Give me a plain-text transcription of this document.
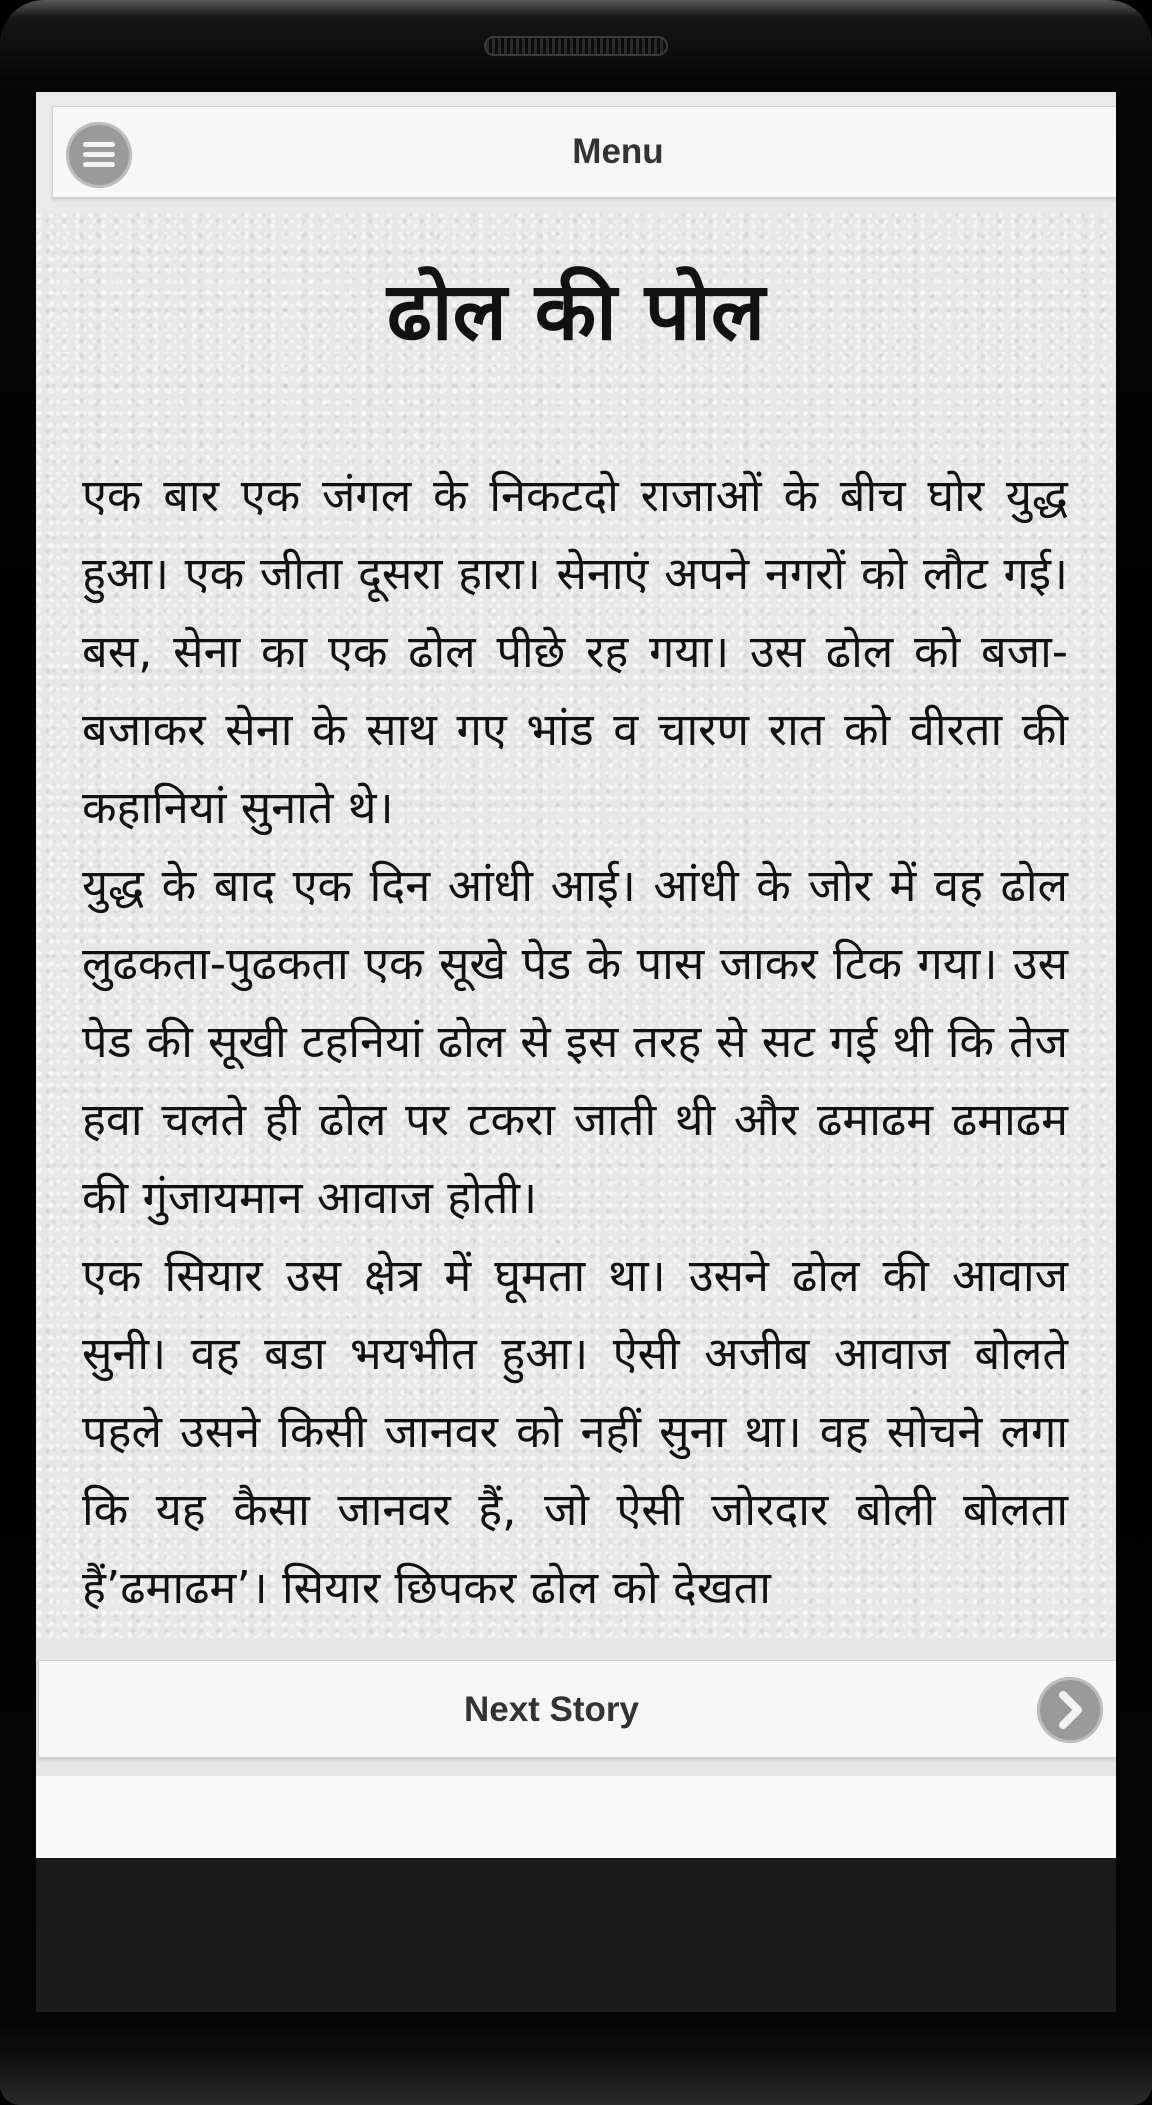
Menu
ढोल की पोल

एक बार एक जंगल के निकटदो राजाओं के बीच घोर युद्ध हुआ। एक जीता दूसरा हारा। सेनाएं अपने नगरों को लौट गई। बस, सेना का एक ढोल पीछे रह गया। उस ढोल को बजा-बजाकर सेना के साथ गए भांड व चारण रात को वीरता की कहानियां सुनाते थे।

युद्ध के बाद एक दिन आंधी आई। आंधी के जोर में वह ढोल लुढकता-पुढकता एक सूखे पेड के पास जाकर टिक गया। उस पेड की सूखी टहनियां ढोल से इस तरह से सट गई थी कि तेज हवा चलते ही ढोल पर टकरा जाती थी और ढमाढम ढमाढम की गुंजायमान आवाज होती।

एक सियार उस क्षेत्र में घूमता था। उसने ढोल की आवाज सुनी। वह बडा भयभीत हुआ। ऐसी अजीब आवाज बोलते पहले उसने किसी जानवर को नहीं सुना था। वह सोचने लगा कि यह कैसा जानवर हैं, जो ऐसी जोरदार बोली बोलता हैं’ढमाढम’। सियार छिपकर ढोल को देखता

Next Story
